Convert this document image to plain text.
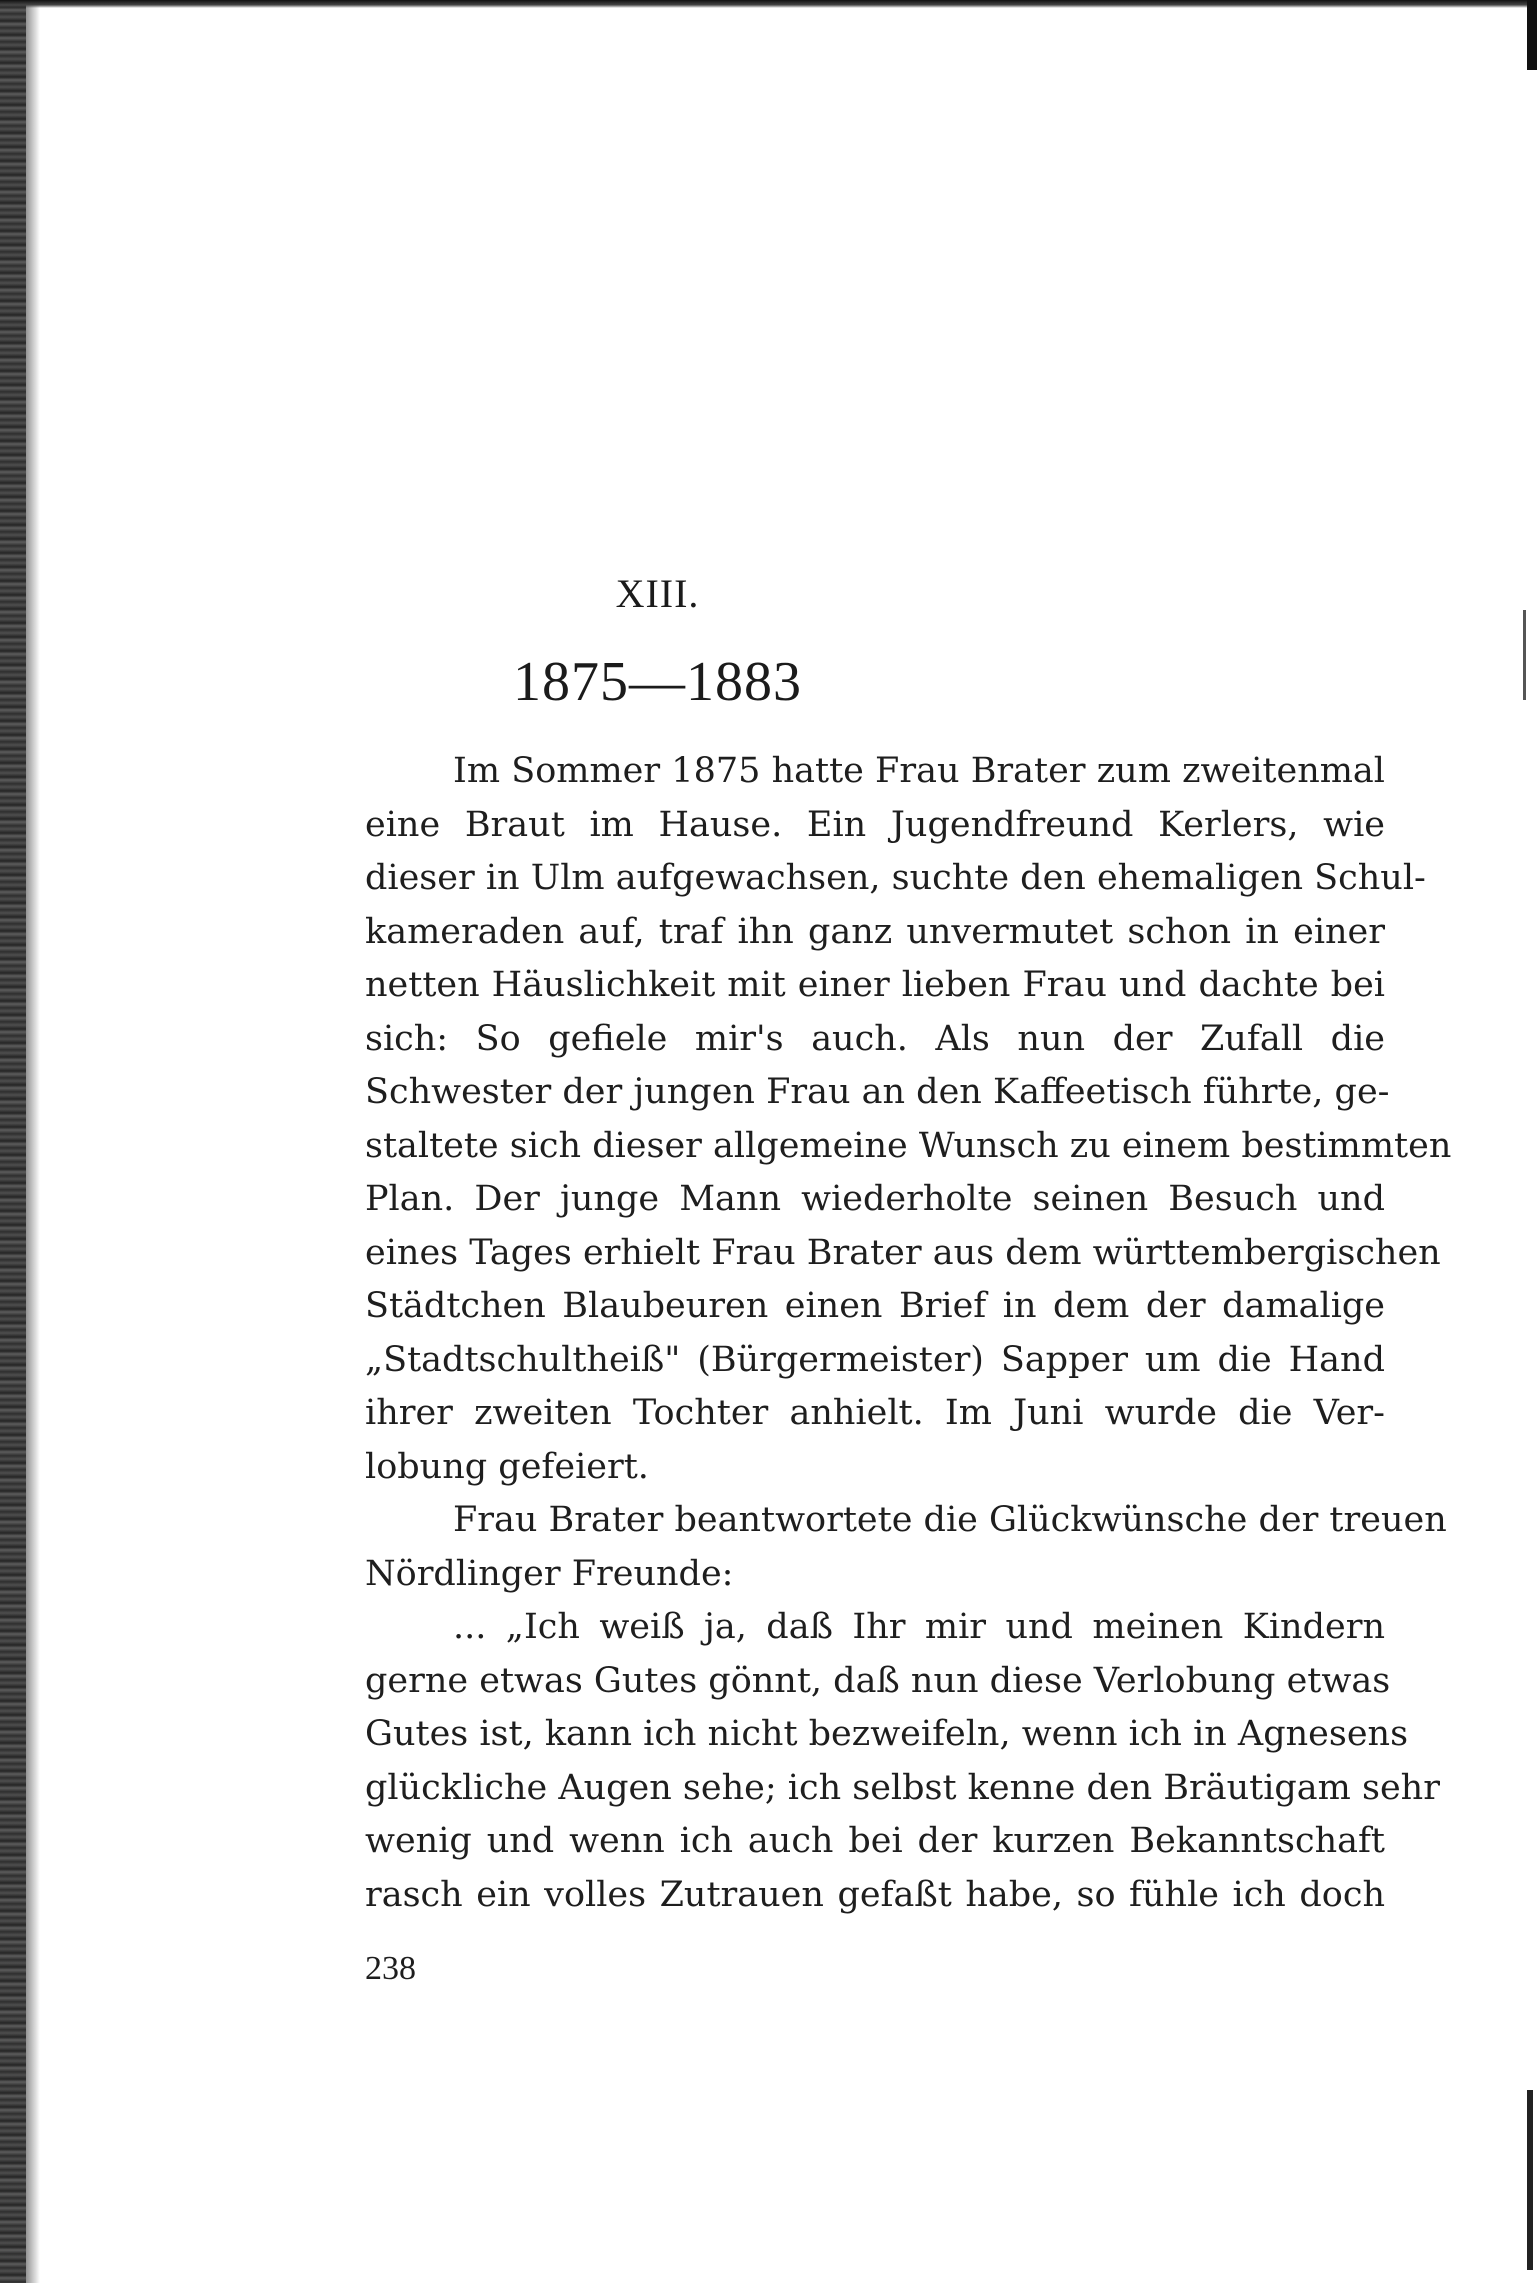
XIII.
1875—1883
Im Sommer 1875 hatte Frau Brater zum zweitenmal
eine Braut im Hause. Ein Jugendfreund Kerlers, wie
dieser in Ulm aufgewachsen, suchte den ehemaligen Schul-
kameraden auf, traf ihn ganz unvermutet schon in einer
netten Häuslichkeit mit einer lieben Frau und dachte bei
sich: So gefiele mir's auch. Als nun der Zufall die
Schwester der jungen Frau an den Kaffeetisch führte, ge-
staltete sich dieser allgemeine Wunsch zu einem bestimmten
Plan. Der junge Mann wiederholte seinen Besuch und
eines Tages erhielt Frau Brater aus dem württembergischen
Städtchen Blaubeuren einen Brief in dem der damalige
„Stadtschultheiß" (Bürgermeister) Sapper um die Hand
ihrer zweiten Tochter anhielt. Im Juni wurde die Ver-
lobung gefeiert.
Frau Brater beantwortete die Glückwünsche der treuen
Nördlinger Freunde:
... „Ich weiß ja, daß Ihr mir und meinen Kindern
gerne etwas Gutes gönnt, daß nun diese Verlobung etwas
Gutes ist, kann ich nicht bezweifeln, wenn ich in Agnesens
glückliche Augen sehe; ich selbst kenne den Bräutigam sehr
wenig und wenn ich auch bei der kurzen Bekanntschaft
rasch ein volles Zutrauen gefaßt habe, so fühle ich doch
238
